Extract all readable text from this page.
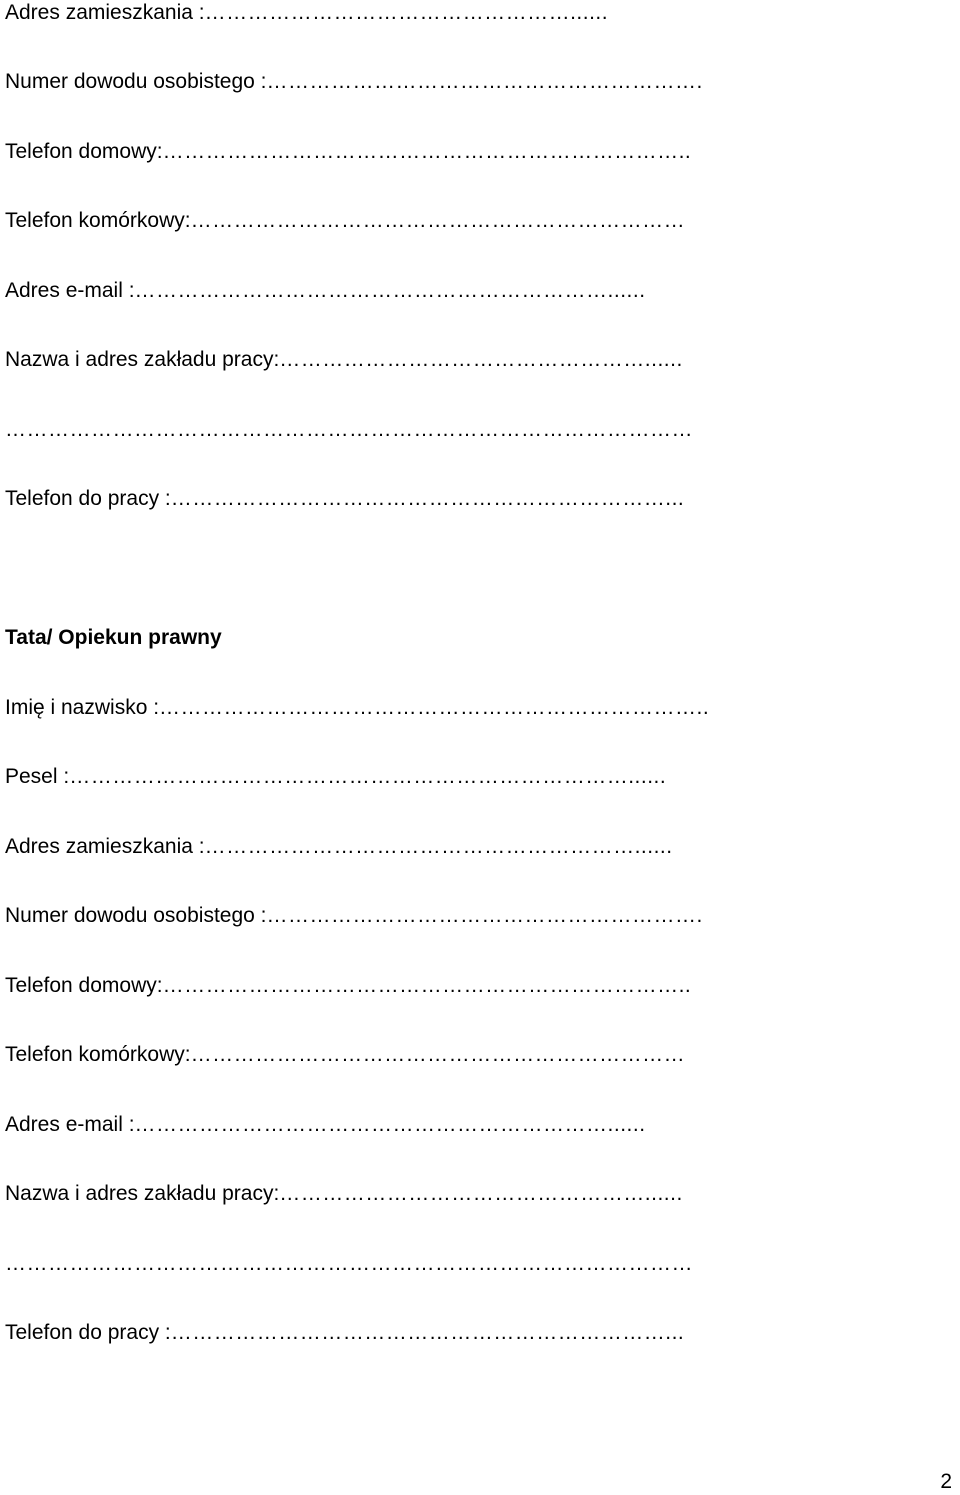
Adres zamieszkania : ……………………………………………......
Numer dowodu osobistego : …………………………………………………….
Telefon domowy: ………………………………………………………………..
Telefon komórkowy: ……………………………………………………………
Adres e-mail : …………………………………………………………......
Nazwa i adres zakładu pracy: ……………………………………………......
……………………………………………………………………………………
Telefon do pracy : ……………………………………………………………...
Tata/ Opiekun prawny
Imię i nazwisko : …………………………………………………………………..
Pesel : ……………………………………………………………………......
Adres zamieszkania : ……………………………………………………......
Numer dowodu osobistego : …………………………………………………….
Telefon domowy: ………………………………………………………………..
Telefon komórkowy: ……………………………………………………………
Adres e-mail : …………………………………………………………......
Nazwa i adres zakładu pracy: ……………………………………………......
……………………………………………………………………………………
Telefon do pracy : ……………………………………………………………...
2
